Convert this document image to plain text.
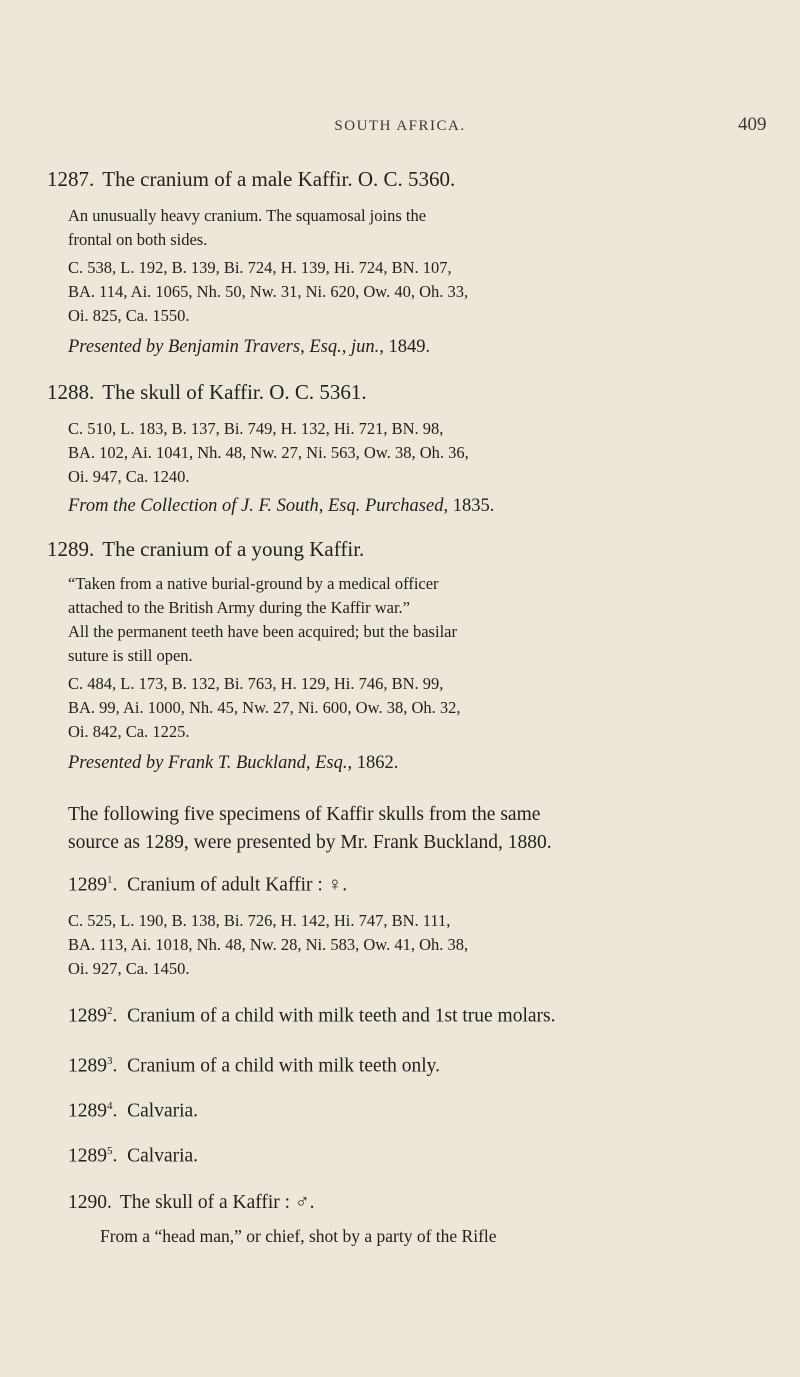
SOUTH AFRICA.	409
1287. The cranium of a male Kaffir. O. C. 5360.
An unusually heavy cranium. The squamosal joins the
frontal on both sides.
C. 538, L. 192, B. 139, Bi. 724, H. 139, Hi. 724, BN. 107,
BA. 114, Ai. 1065, Nh. 50, Nw. 31, Ni. 620, Ow. 40, Oh. 33,
Oi. 825, Ca. 1550.
Presented by Benjamin Travers, Esq., jun., 1849.
1288. The skull of Kaffir. O. C. 5361.
C. 510, L. 183, B. 137, Bi. 749, H. 132, Hi. 721, BN. 98,
BA. 102, Ai. 1041, Nh. 48, Nw. 27, Ni. 563, Ow. 38, Oh. 36,
Oi. 947, Ca. 1240.
From the Collection of J. F. South, Esq. Purchased, 1835.
1289. The cranium of a young Kaffir.
“Taken from a native burial-ground by a medical officer
attached to the British Army during the Kaffir war.”
All the permanent teeth have been acquired; but the basilar
suture is still open.
C. 484, L. 173, B. 132, Bi. 763, H. 129, Hi. 746, BN. 99,
BA. 99, Ai. 1000, Nh. 45, Nw. 27, Ni. 600, Ow. 38, Oh. 32,
Oi. 842, Ca. 1225.
Presented by Frank T. Buckland, Esq., 1862.
The following five specimens of Kaffir skulls from the same
source as 1289, were presented by Mr. Frank Buckland, 1880.
1289$^1$.  Cranium of adult Kaffir : ♀.
C. 525, L. 190, B. 138, Bi. 726, H. 142, Hi. 747, BN. 111,
BA. 113, Ai. 1018, Nh. 48, Nw. 28, Ni. 583, Ow. 41, Oh. 38,
Oi. 927, Ca. 1450.
1289$^2$.  Cranium of a child with milk teeth and 1st true molars.
1289$^3$.  Cranium of a child with milk teeth only.
1289$^4$.  Calvaria.
1289$^5$.  Calvaria.
1290. The skull of a Kaffir : ♂.
From a “head man,” or chief, shot by a party of the Rifle
